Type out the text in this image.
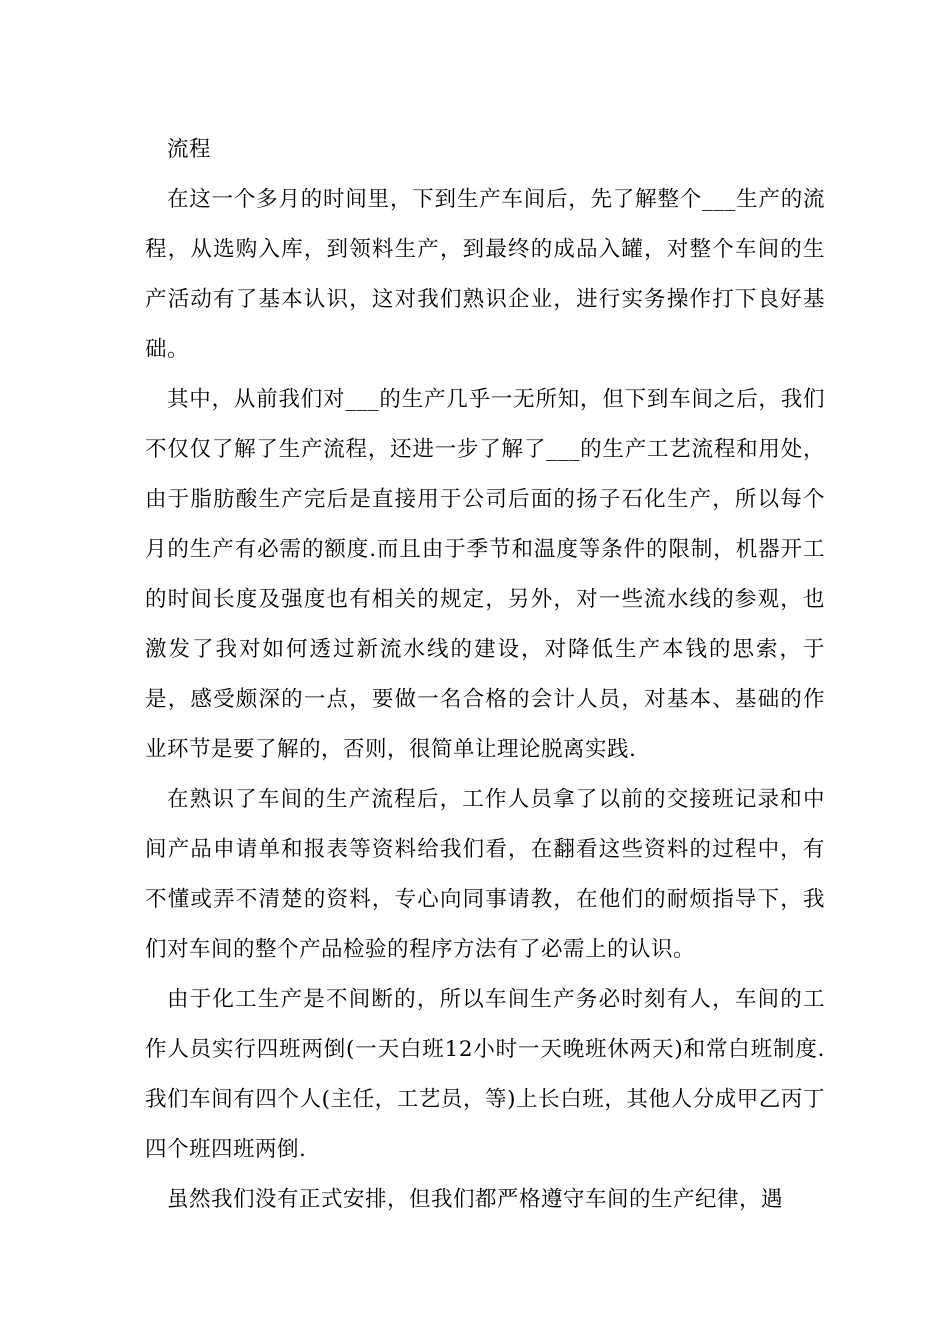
流程

在这一个多月的时间里，下到生产车间后，先了解整个___生产的流程，从选购入库，到领料生产，到最终的成品入罐，对整个车间的生产活动有了基本认识，这对我们熟识企业，进行实务操作打下良好基础。

其中，从前我们对___的生产几乎一无所知，但下到车间之后，我们不仅仅了解了生产流程，还进一步了解了___的生产工艺流程和用处，由于脂肪酸生产完后是直接用于公司后面的扬子石化生产，所以每个月的生产有必需的额度.而且由于季节和温度等条件的限制，机器开工的时间长度及强度也有相关的规定，另外，对一些流水线的参观，也激发了我对如何透过新流水线的建设，对降低生产本钱的思索，于是，感受颇深的一点，要做一名合格的会计人员，对基本、基础的作业环节是要了解的，否则，很简单让理论脱离实践.

在熟识了车间的生产流程后，工作人员拿了以前的交接班记录和中间产品申请单和报表等资料给我们看，在翻看这些资料的过程中，有不懂或弄不清楚的资料，专心向同事请教，在他们的耐烦指导下，我们对车间的整个产品检验的程序方法有了必需上的认识。

由于化工生产是不间断的，所以车间生产务必时刻有人，车间的工作人员实行四班两倒(一天白班12小时一天晚班休两天)和常白班制度.我们车间有四个人(主任，工艺员，等)上长白班，其他人分成甲乙丙丁四个班四班两倒.

虽然我们没有正式安排，但我们都严格遵守车间的生产纪律，遇
